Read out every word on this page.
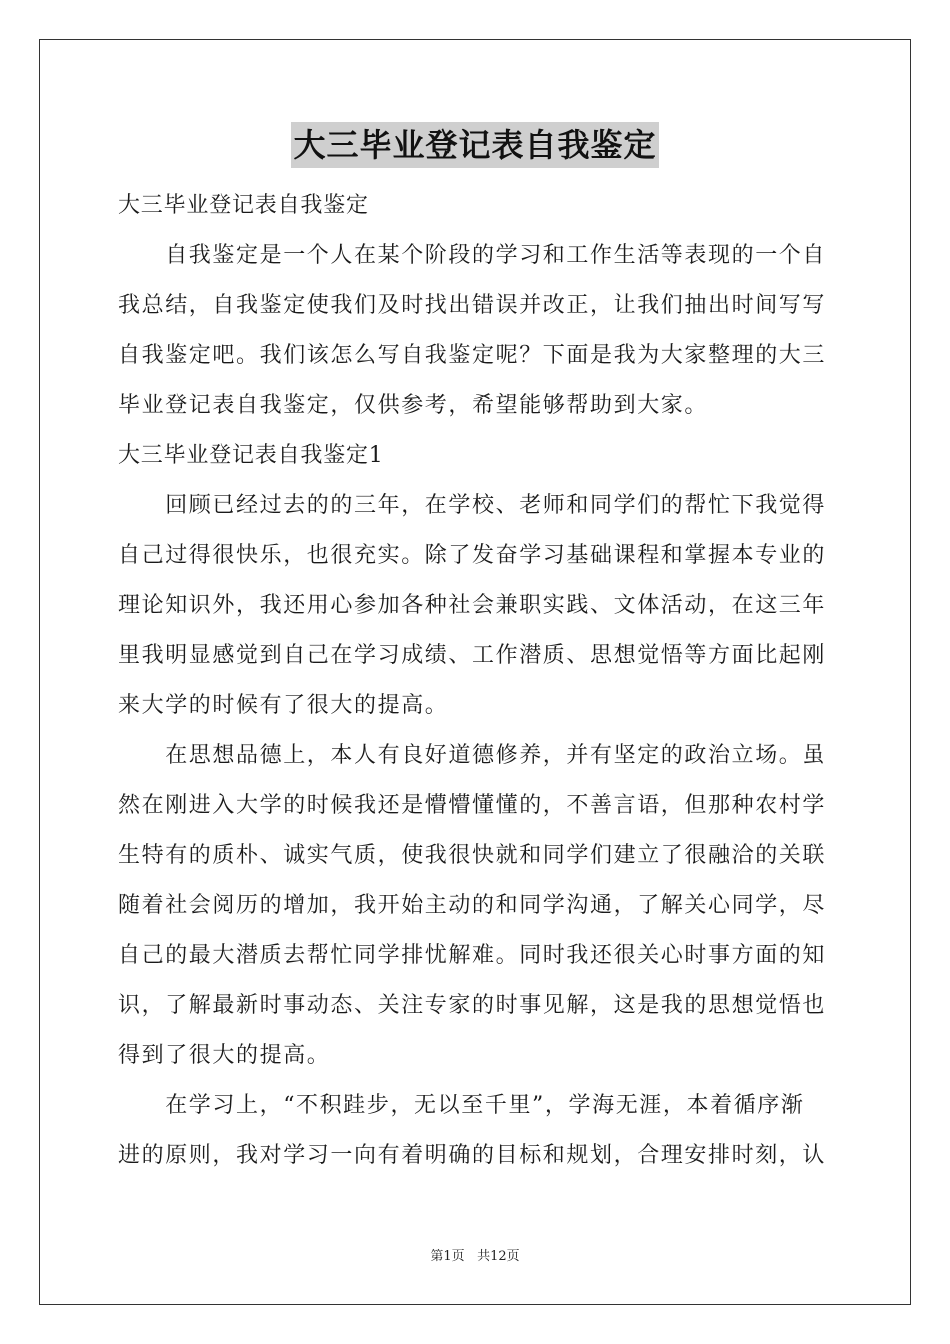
大三毕业登记表自我鉴定
大三毕业登记表自我鉴定
　　自我鉴定是一个人在某个阶段的学习和工作生活等表现的一个自
我总结，自我鉴定使我们及时找出错误并改正，让我们抽出时间写写
自我鉴定吧。我们该怎么写自我鉴定呢？下面是我为大家整理的大三
毕业登记表自我鉴定，仅供参考，希望能够帮助到大家。
大三毕业登记表自我鉴定1
　　回顾已经过去的的三年，在学校、老师和同学们的帮忙下我觉得
自己过得很快乐，也很充实。除了发奋学习基础课程和掌握本专业的
理论知识外，我还用心参加各种社会兼职实践、文体活动，在这三年
里我明显感觉到自己在学习成绩、工作潜质、思想觉悟等方面比起刚
来大学的时候有了很大的提高。
　　在思想品德上，本人有良好道德修养，并有坚定的政治立场。虽
然在刚进入大学的时候我还是懵懵懂懂的，不善言语，但那种农村学
生特有的质朴、诚实气质，使我很快就和同学们建立了很融洽的关联
随着社会阅历的增加，我开始主动的和同学沟通，了解关心同学，尽
自己的最大潜质去帮忙同学排忧解难。同时我还很关心时事方面的知
识，了解最新时事动态、关注专家的时事见解，这是我的思想觉悟也
得到了很大的提高。
　　在学习上，“不积跬步，无以至千里”，学海无涯，本着循序渐
进的原则，我对学习一向有着明确的目标和规划，合理安排时刻，认
第1页 共12页
